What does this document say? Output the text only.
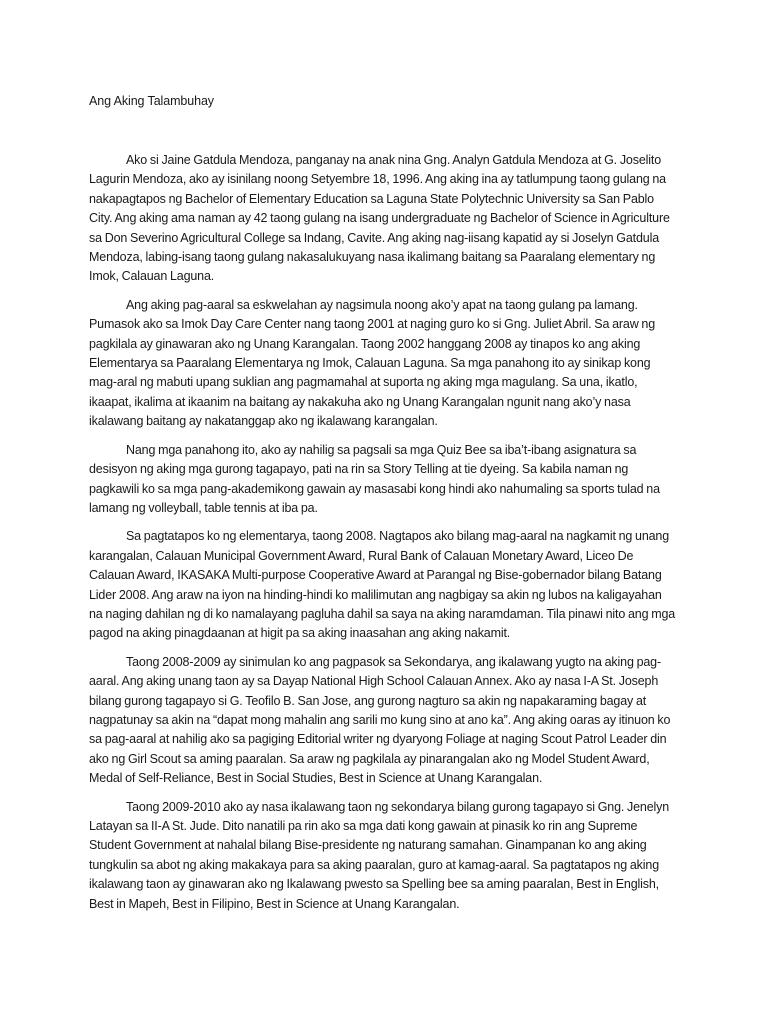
Ang Aking Talambuhay

Ako si Jaine Gatdula Mendoza, panganay na anak nina Gng. Analyn Gatdula Mendoza at G. Joselito Lagurin Mendoza, ako ay isinilang noong Setyembre 18, 1996. Ang aking ina ay tatlumpung taong gulang na nakapagtapos ng Bachelor of Elementary Education sa Laguna State Polytechnic University sa San Pablo City. Ang aking ama naman ay 42 taong gulang na isang undergraduate ng Bachelor of Science in Agriculture sa Don Severino Agricultural College sa Indang, Cavite. Ang aking nag-iisang kapatid ay si Joselyn Gatdula Mendoza, labing-isang taong gulang nakasalukuyang nasa ikalimang baitang sa Paaralang elementary ng Imok, Calauan Laguna.

Ang aking pag-aaral sa eskwelahan ay nagsimula noong ako’y apat na taong gulang pa lamang. Pumasok ako sa Imok Day Care Center nang taong 2001 at naging guro ko si Gng. Juliet Abril. Sa araw ng pagkilala ay ginawaran ako ng Unang Karangalan. Taong 2002 hanggang 2008 ay tinapos ko ang aking Elementarya sa Paaralang Elementarya ng Imok, Calauan Laguna. Sa mga panahong ito ay sinikap kong mag-aral ng mabuti upang suklian ang pagmamahal at suporta ng aking mga magulang. Sa una, ikatlo, ikaapat, ikalima at ikaanim na baitang ay nakakuha ako ng Unang Karangalan ngunit nang ako’y nasa ikalawang baitang ay nakatanggap ako ng ikalawang karangalan.

Nang mga panahong ito, ako ay nahilig sa pagsali sa mga Quiz Bee sa iba’t-ibang asignatura sa desisyon ng aking mga gurong tagapayo, pati na rin sa Story Telling at tie dyeing. Sa kabila naman ng pagkawili ko sa mga pang-akademikong gawain ay masasabi kong hindi ako nahumaling sa sports tulad na lamang ng volleyball, table tennis at iba pa.

Sa pagtatapos ko ng elementarya, taong 2008. Nagtapos ako bilang mag-aaral na nagkamit ng unang karangalan, Calauan Municipal Government Award, Rural Bank of Calauan Monetary Award, Liceo De Calauan Award, IKASAKA Multi-purpose Cooperative Award at Parangal ng Bise-gobernador bilang Batang Lider 2008. Ang araw na iyon na hinding-hindi ko malilimutan ang nagbigay sa akin ng lubos na kaligayahan na naging dahilan ng di ko namalayang pagluha dahil sa saya na aking naramdaman. Tila pinawi nito ang mga pagod na aking pinagdaanan at higit pa sa aking inaasahan ang aking nakamit.

Taong 2008-2009 ay sinimulan ko ang pagpasok sa Sekondarya, ang ikalawang yugto na aking pag-aaral. Ang aking unang taon ay sa Dayap National High School Calauan Annex. Ako ay nasa I-A St. Joseph bilang gurong tagapayo si G. Teofilo B. San Jose, ang gurong nagturo sa akin ng napakaraming bagay at nagpatunay sa akin na “dapat mong mahalin ang sarili mo kung sino at ano ka”. Ang aking oaras ay itinuon ko sa pag-aaral at nahilig ako sa pagiging Editorial writer ng dyaryong Foliage at naging Scout Patrol Leader din ako ng Girl Scout sa aming paaralan. Sa araw ng pagkilala ay pinarangalan ako ng Model Student Award, Medal of Self-Reliance, Best in Social Studies, Best in Science at Unang Karangalan.

Taong 2009-2010 ako ay nasa ikalawang taon ng sekondarya bilang gurong tagapayo si Gng. Jenelyn Latayan sa II-A St. Jude. Dito nanatili pa rin ako sa mga dati kong gawain at pinasik ko rin ang Supreme Student Government at nahalal bilang Bise-presidente ng naturang samahan. Ginampanan ko ang aking tungkulin sa abot ng aking makakaya para sa aking paaralan, guro at kamag-aaral. Sa pagtatapos ng aking ikalawang taon ay ginawaran ako ng Ikalawang pwesto sa Spelling bee sa aming paaralan, Best in English, Best in Mapeh, Best in Filipino, Best in Science at Unang Karangalan.
